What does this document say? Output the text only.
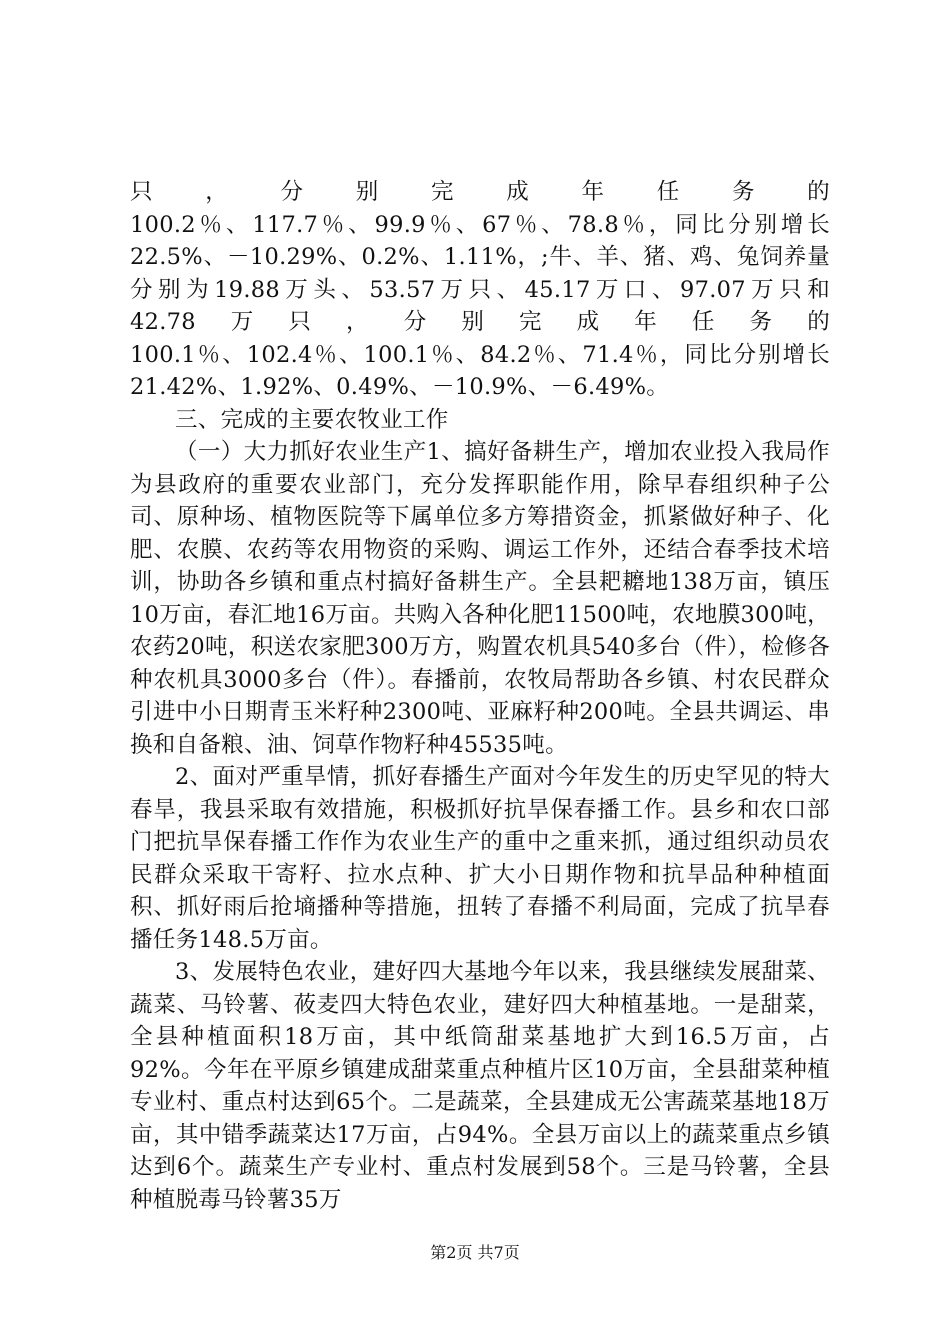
只，分别完成年任务的

100.2％、117.7％、99.9％、67％、78.8％，同比分别增长

22.5%、－10.29%、0.2%、1.11%，;牛、羊、猪、鸡、兔饲养量

分别为19.88万头、53.57万只、45.17万口、97.07万只和

42.78万只，分别完成年任务的

100.1％、102.4％、100.1％、84.2％、71.4％，同比分别增长

21.42%、1.92%、0.49%、－10.9%、－6.49%。

三、完成的主要农牧业工作

（一）大力抓好农业生产1、搞好备耕生产，增加农业投入我局作为县政府的重要农业部门，充分发挥职能作用，除早春组织种子公司、原种场、植物医院等下属单位多方筹措资金，抓紧做好种子、化肥、农膜、农药等农用物资的采购、调运工作外，还结合春季技术培训，协助各乡镇和重点村搞好备耕生产。全县耙耱地138万亩，镇压10万亩，春汇地16万亩。共购入各种化肥11500吨，农地膜300吨，农药20吨，积送农家肥300万方，购置农机具540多台（件），检修各种农机具3000多台（件）。春播前，农牧局帮助各乡镇、村农民群众引进中小日期青玉米籽种2300吨、亚麻籽种200吨。全县共调运、串换和自备粮、油、饲草作物籽种45535吨。

2、面对严重旱情，抓好春播生产面对今年发生的历史罕见的特大春旱，我县采取有效措施，积极抓好抗旱保春播工作。县乡和农口部门把抗旱保春播工作作为农业生产的重中之重来抓，通过组织动员农民群众采取干寄籽、拉水点种、扩大小日期作物和抗旱品种种植面积、抓好雨后抢墒播种等措施，扭转了春播不利局面，完成了抗旱春播任务148.5万亩。

3、发展特色农业，建好四大基地今年以来，我县继续发展甜菜、蔬菜、马铃薯、莜麦四大特色农业，建好四大种植基地。一是甜菜，全县种植面积18万亩，其中纸筒甜菜基地扩大到16.5万亩，占92%。今年在平原乡镇建成甜菜重点种植片区10万亩，全县甜菜种植专业村、重点村达到65个。二是蔬菜，全县建成无公害蔬菜基地18万亩，其中错季蔬菜达17万亩，占94%。全县万亩以上的蔬菜重点乡镇达到6个。蔬菜生产专业村、重点村发展到58个。三是马铃薯，全县种植脱毒马铃薯35万

第2页 共7页
